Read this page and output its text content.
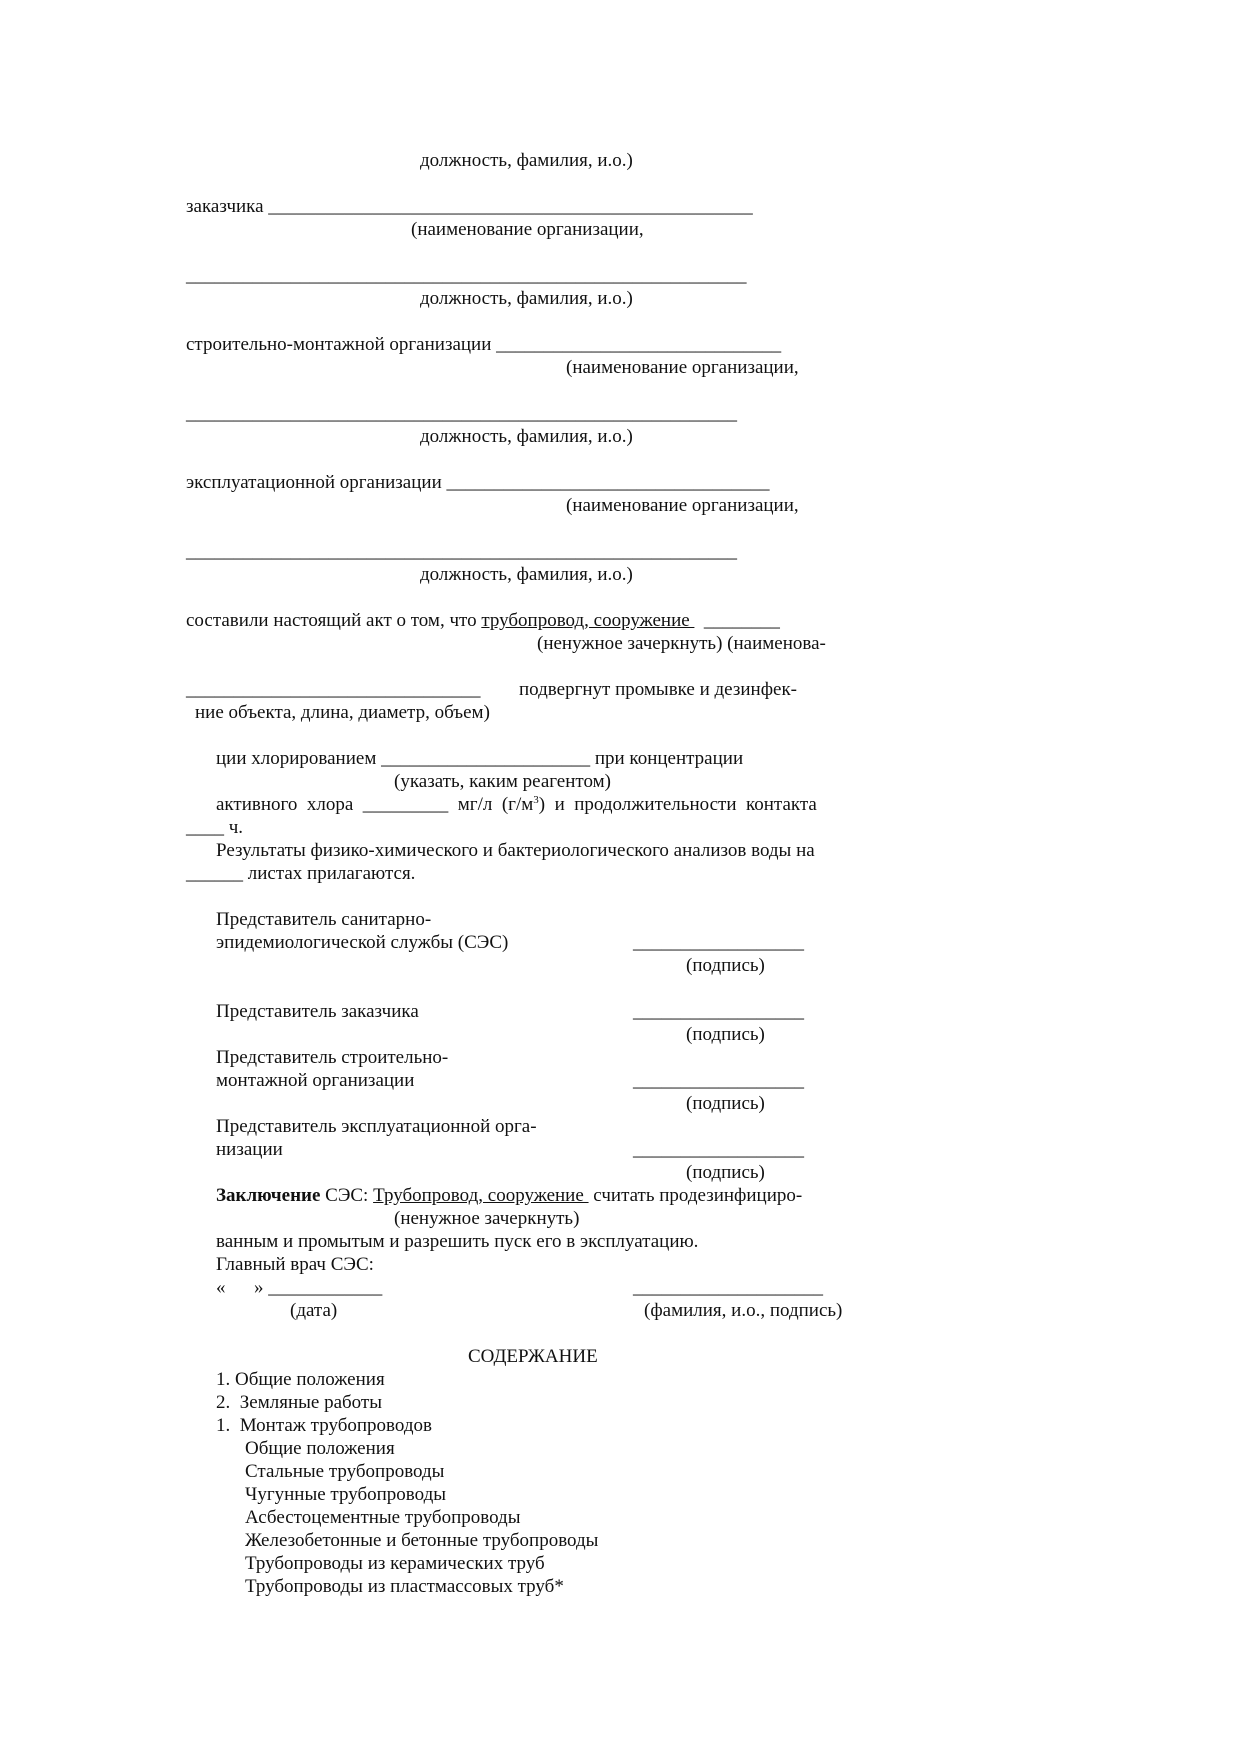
должность, фамилия, и.о.)
заказчика ___________________________________________________
(наименование организации,
___________________________________________________________
должность, фамилия, и.о.)
строительно-монтажной организации ______________________________
(наименование организации,
__________________________________________________________
должность, фамилия, и.о.)
эксплуатационной организации __________________________________
(наименование организации,
__________________________________________________________
должность, фамилия, и.о.)
составили настоящий акт о том, что трубопровод, сооружение   ________
(ненужное зачеркнуть) (наименова-
_______________________________ подвергнут промывке и дезинфек-
ние объекта, длина, диаметр, объем)
ции хлорированием ______________________ при концентрации
(указать, каким реагентом)
активного  хлора  _________  мг/л  $(г/м^3)$  и  продолжительности  контакта
____ ч.
Результаты физико-химического и бактериологического анализов воды на
______ листах прилагаются.
Представитель санитарно-
эпидемиологической службы (СЭС)	__________________
(подпись)
Представитель заказчика	__________________
(подпись)
Представитель строительно-
монтажной организации	__________________
(подпись)
Представитель эксплуатационной орга-
низации	__________________
(подпись)
Заключение СЭС: Трубопровод, сооружение  считать продезинфициро-
(ненужное зачеркнуть)
ванным и промытым и разрешить пуск его в эксплуатацию.
Главный врач СЭС:
«      » ____________	____________________
(дата)	(фамилия, и.о., подпись)
СОДЕРЖАНИЕ
1. Общие положения
2.  Земляные работы
1.  Монтаж трубопроводов
Общие положения
Стальные трубопроводы
Чугунные трубопроводы
Асбестоцементные трубопроводы
Железобетонные и бетонные трубопроводы
Трубопроводы из керамических труб
Трубопроводы из пластмассовых труб*
